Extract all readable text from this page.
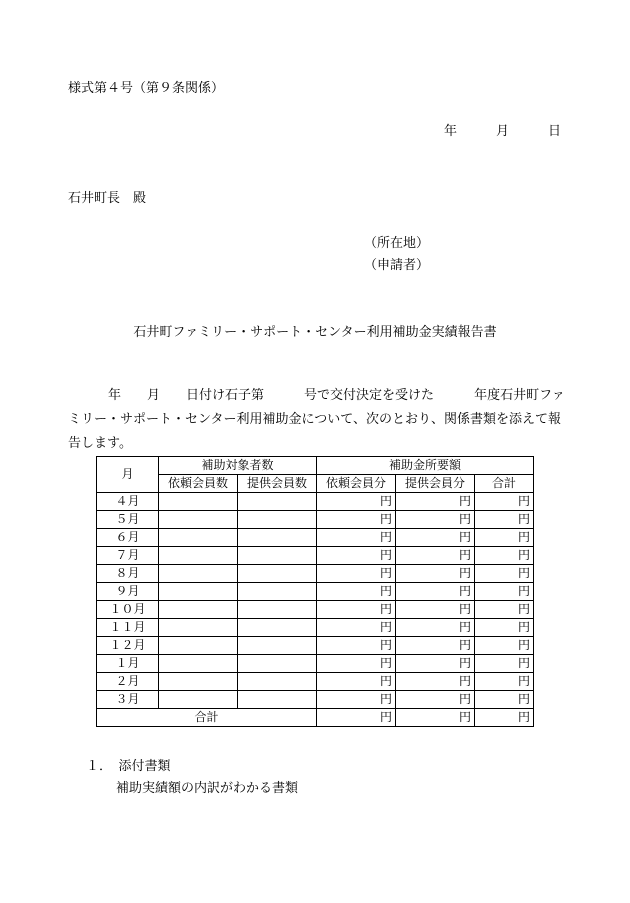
様式第４号（第９条関係）
年	月	日
石井町長　殿
（所在地）
（申請者）
石井町ファミリー・サポート・センター利用補助金実績報告書
年 月 日付け石子第	号で交付決定を受けた	年度石井町ファ
ミリー・サポート・センター利用補助金について、次のとおり、関係書類を添えて報
告します。
月	補助対象者数		補助金所要額		
	依頼会員数	提供会員数	依頼会員分	提供会員分	合計
４月			円	円	円
５月			円	円	円
６月			円	円	円
７月			円	円	円
８月			円	円	円
９月			円	円	円
１０月			円	円	円
１１月			円	円	円
１２月			円	円	円
１月			円	円	円
２月			円	円	円
３月			円	円	円
合計			円	円	円
１．　添付書類
補助実績額の内訳がわかる書類
